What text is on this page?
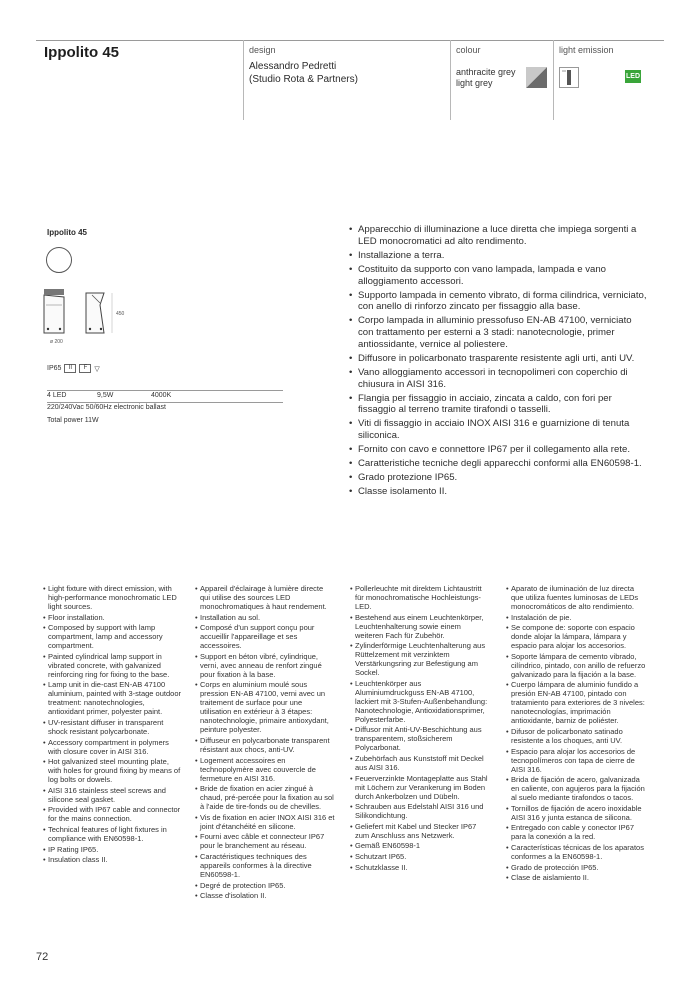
Ippolito 45	design
Alessandro Pedretti
(Studio Rota & Partners)
colour
anthracite grey
light grey
light emission
LED
Ippolito 45
450
ø 200
IP65	II	F	▽
4 LED	9,5W	4000K
220/240Vac 50/60Hz electronic ballast
Total power 11W
• Apparecchio di illuminazione a luce diretta che impiega sorgenti a LED monocromatici ad alto rendimento.
• Installazione a terra.
• Costituito da supporto con vano lampada, lampada e vano alloggiamento accessori.
• Supporto lampada in cemento vibrato, di forma cilindrica, verniciato, con anello di rinforzo zincato per fissaggio alla base.
• Corpo lampada in alluminio pressofuso EN-AB 47100, verniciato con trattamento per esterni a 3 stadi: nanotecnologie, primer antiossidante, vernice al poliestere.
• Diffusore in policarbonato trasparente resistente agli urti, anti UV.
• Vano alloggiamento accessori in tecnopolimeri con coperchio di chiusura in AISI 316.
• Flangia per fissaggio in acciaio, zincata a caldo, con fori per fissaggio al terreno tramite tirafondi o tasselli.
• Viti di fissaggio in acciaio INOX AISI 316 e guarnizione di tenuta siliconica.
• Fornito con cavo e connettore IP67 per il collegamento alla rete.
• Caratteristiche tecniche degli apparecchi conformi alla EN60598-1.
• Grado protezione IP65.
• Classe isolamento II.
• Light fixture with direct emission, with high-performance monochromatic LED light sources.
• Floor installation.
• Composed by support with lamp compartment, lamp and accessory compartment.
• Painted cylindrical lamp support in vibrated concrete, with galvanized reinforcing ring for fixing to the base.
• Lamp unit in die-cast EN-AB 47100 aluminium, painted with 3-stage outdoor treatment: nanotechnologies, antioxidant primer, polyester paint.
• UV-resistant diffuser in transparent shock resistant polycarbonate.
• Accessory compartment in polymers with closure cover in AISI 316.
• Hot galvanized steel mounting plate, with holes for ground fixing by means of log bolts or dowels.
• AISI 316 stainless steel screws and silicone seal gasket.
• Provided with IP67 cable and connector for the mains connection.
• Technical features of light fixtures in compliance with EN60598-1.
• IP Rating IP65.
• Insulation class II.
• Appareil d'éclairage à lumière directe qui utilise des sources LED monochromatiques à haut rendement.
• Installation au sol.
• Composé d'un support conçu pour accueillir l'appareillage et ses accessoires.
• Support en béton vibré, cylindrique, verni, avec anneau de renfort zingué pour fixation à la base.
• Corps en aluminium moulé sous pression EN-AB 47100, verni avec un traitement de surface pour une utilisation en extérieur à 3 étapes: nanotechnologie, primaire antioxydant, peinture polyester.
• Diffuseur en polycarbonate transparent résistant aux chocs, anti-UV.
• Logement accessoires en technopolymère avec couvercle de fermeture en AISI 316.
• Bride de fixation en acier zingué à chaud, pré-percée pour la fixation au sol à l'aide de tire-fonds ou de chevilles.
• Vis de fixation en acier INOX AISI 316 et joint d'étanchéité en silicone.
• Fourni avec câble et connecteur IP67 pour le branchement au réseau.
• Caractéristiques techniques des appareils conformes à la directive EN60598-1.
• Degré de protection IP65.
• Classe d'isolation II.
• Pollerleuchte mit direktem Lichtaustritt für monochromatische Hochleistungs-LED.
• Bestehend aus einem Leuchtenkörper, Leuchtenhalterung sowie einem weiteren Fach für Zubehör.
• Zylinderförmige Leuchtenhalterung aus Rüttelzement mit verzinktem Verstärkungsring zur Befestigung am Sockel.
• Leuchtenkörper aus Aluminiumdruckguss EN-AB 47100, lackiert mit 3-Stufen-Außenbehandlung: Nanotechnologie, Antioxidationsprimer, Polyesterfarbe.
• Diffusor mit Anti-UV-Beschichtung aus transparentem, stoßsicherem Polycarbonat.
• Zubehörfach aus Kunststoff mit Deckel aus AISI 316.
• Feuerverzinkte Montageplatte aus Stahl mit Löchern zur Verankerung im Boden durch Ankerbolzen und Dübeln.
• Schrauben aus Edelstahl AISI 316 und Silikondichtung.
• Geliefert mit Kabel und Stecker IP67 zum Anschluss ans Netzwerk.
• Gemäß EN60598-1
• Schutzart IP65.
• Schutzklasse II.
• Aparato de iluminación de luz directa que utiliza fuentes luminosas de LEDs monocromáticos de alto rendimiento.
• Instalación de pie.
• Se compone de: soporte con espacio donde alojar la lámpara, lámpara y espacio para alojar los accesorios.
• Soporte lámpara de cemento vibrado, cilíndrico, pintado, con anillo de refuerzo galvanizado para la fijación a la base.
• Cuerpo lámpara de aluminio fundido a presión EN-AB 47100, pintado con tratamiento para exteriores de 3 niveles: nanotecnologías, imprimación antioxidante, barniz de poliéster.
• Difusor de policarbonato satinado resistente a los choques, anti UV.
• Espacio para alojar los accesorios de tecnopolímeros con tapa de cierre de AISI 316.
• Brida de fijación de acero, galvanizada en caliente, con agujeros para la fijación al suelo mediante tirafondos o tacos.
• Tornillos de fijación de acero inoxidable AISI 316 y junta estanca de silicona.
• Entregado con cable y conector IP67 para la conexión a la red.
• Características técnicas de los aparatos conformes a la EN60598-1.
• Grado de protección IP65.
• Clase de aislamiento II.
72
